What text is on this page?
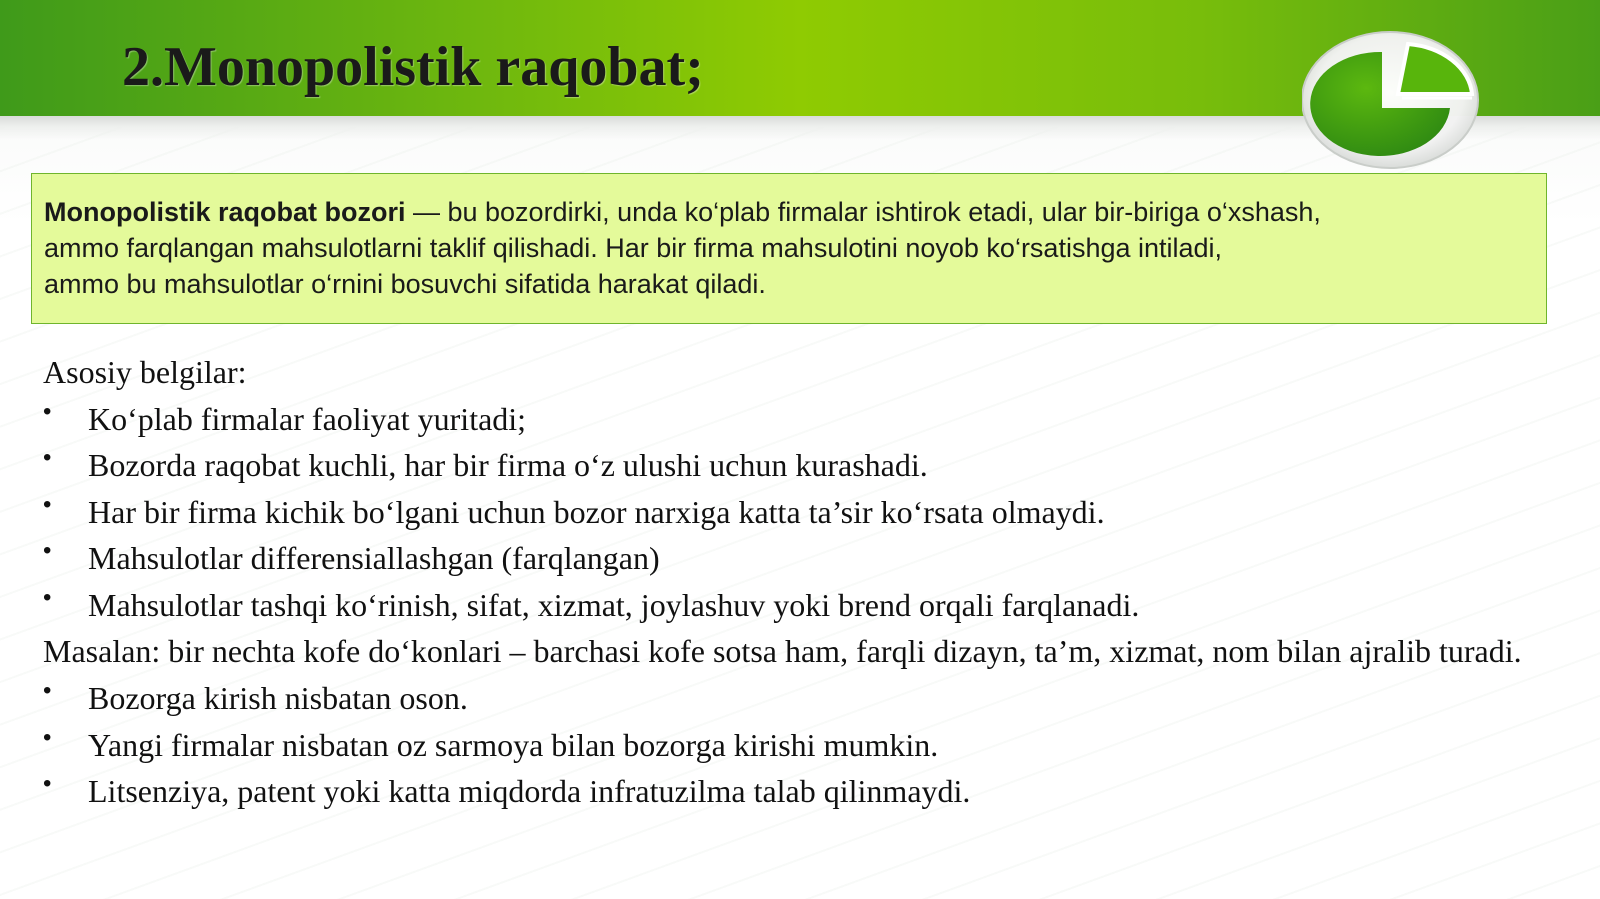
2.Monopolistik raqobat;
Monopolistik raqobat bozori — bu bozordirki, unda ko‘plab firmalar ishtirok etadi, ular bir-biriga o‘xshash,
ammo farqlangan mahsulotlarni taklif qilishadi. Har bir firma mahsulotini noyob ko‘rsatishga intiladi,
ammo bu mahsulotlar o‘rnini bosuvchi sifatida harakat qiladi.
Asosiy belgilar:
• Ko‘plab firmalar faoliyat yuritadi;
• Bozorda raqobat kuchli, har bir firma o‘z ulushi uchun kurashadi.
• Har bir firma kichik bo‘lgani uchun bozor narxiga katta ta’sir ko‘rsata olmaydi.
• Mahsulotlar differensiallashgan (farqlangan)
• Mahsulotlar tashqi ko‘rinish, sifat, xizmat, joylashuv yoki brend orqali farqlanadi.
Masalan: bir nechta kofe do‘konlari – barchasi kofe sotsa ham, farqli dizayn, ta’m, xizmat, nom bilan ajralib turadi.
• Bozorga kirish nisbatan oson.
• Yangi firmalar nisbatan oz sarmoya bilan bozorga kirishi mumkin.
• Litsenziya, patent yoki katta miqdorda infratuzilma talab qilinmaydi.
